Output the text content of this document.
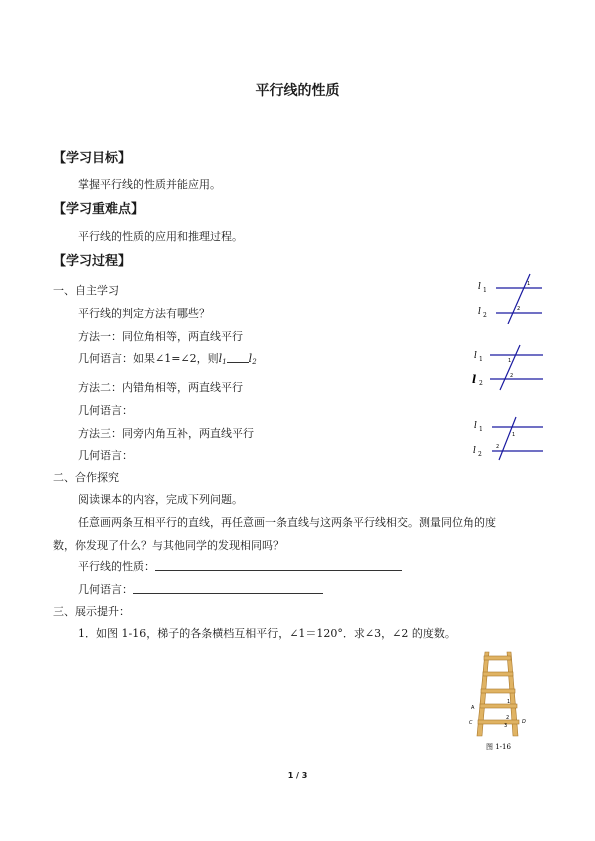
平行线的性质
【学习目标】
掌握平行线的性质并能应用。
【学习重难点】
平行线的性质的应用和推理过程。
【学习过程】
一、自主学习
平行线的判定方法有哪些？
方法一：同位角相等，两直线平行
几何语言：如果∠1=∠2，则$l_1$ $l_2$
方法二：内错角相等，两直线平行
几何语言：
方法三：同旁内角互补，两直线平行
几何语言：
二、合作探究
阅读课本的内容，完成下列问题。
任意画两条互相平行的直线，再任意画一条直线与这两条平行线相交。测量同位角的度
数，你发现了什么？与其他同学的发现相同吗？
平行线的性质：
几何语言：
三、展示提升：
1．如图 1-16，梯子的各条横档互相平行，∠1＝120°．求∠3，∠2 的度数。
l 1
l 2
1
2
l 1
l 2
1
2
l 1
l 2
1
2
A
C	D
1
2
3
图 1-16
1 / 3
